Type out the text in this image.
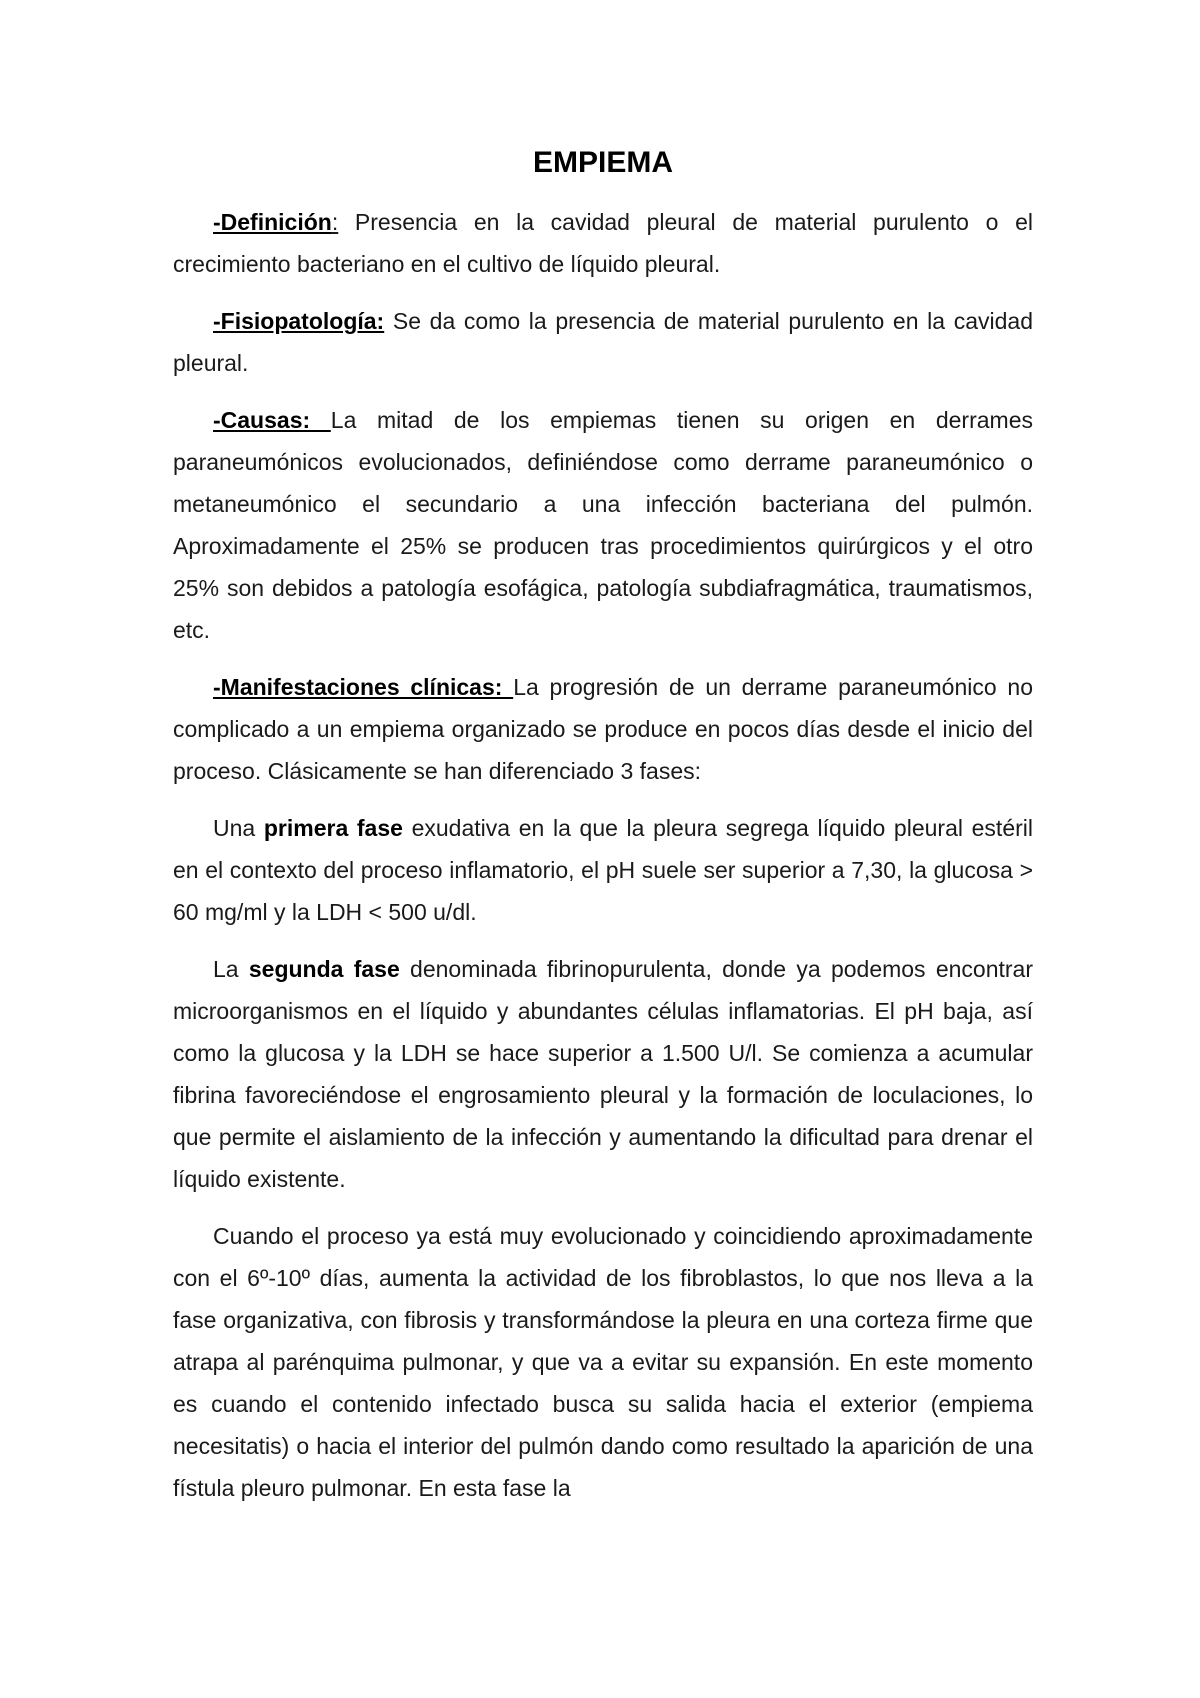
EMPIEMA

-Definición: Presencia en la cavidad pleural de material purulento o el crecimiento bacteriano en el cultivo de líquido pleural.

-Fisiopatología: Se da como la presencia de material purulento en la cavidad pleural.

-Causas: La mitad de los empiemas tienen su origen en derrames paraneumónicos evolucionados, definiéndose como derrame paraneumónico o metaneumónico el secundario a una infección bacteriana del pulmón. Aproximadamente el 25% se producen tras procedimientos quirúrgicos y el otro 25% son debidos a patología esofágica, patología subdiafragmática, traumatismos, etc.

-Manifestaciones clínicas: La progresión de un derrame paraneumónico no complicado a un empiema organizado se produce en pocos días desde el inicio del proceso. Clásicamente se han diferenciado 3 fases:

Una primera fase exudativa en la que la pleura segrega líquido pleural estéril en el contexto del proceso inflamatorio, el pH suele ser superior a 7,30, la glucosa > 60 mg/ml y la LDH < 500 u/dl.

La segunda fase denominada fibrinopurulenta, donde ya podemos encontrar microorganismos en el líquido y abundantes células inflamatorias. El pH baja, así como la glucosa y la LDH se hace superior a 1.500 U/l. Se comienza a acumular fibrina favoreciéndose el engrosamiento pleural y la formación de loculaciones, lo que permite el aislamiento de la infección y aumentando la dificultad para drenar el líquido existente.

Cuando el proceso ya está muy evolucionado y coincidiendo aproximadamente con el 6º-10º días, aumenta la actividad de los fibroblastos, lo que nos lleva a la fase organizativa, con fibrosis y transformándose la pleura en una corteza firme que atrapa al parénquima pulmonar, y que va a evitar su expansión. En este momento es cuando el contenido infectado busca su salida hacia el exterior (empiema necesitatis) o hacia el interior del pulmón dando como resultado la aparición de una fístula pleuro pulmonar. En esta fase la
